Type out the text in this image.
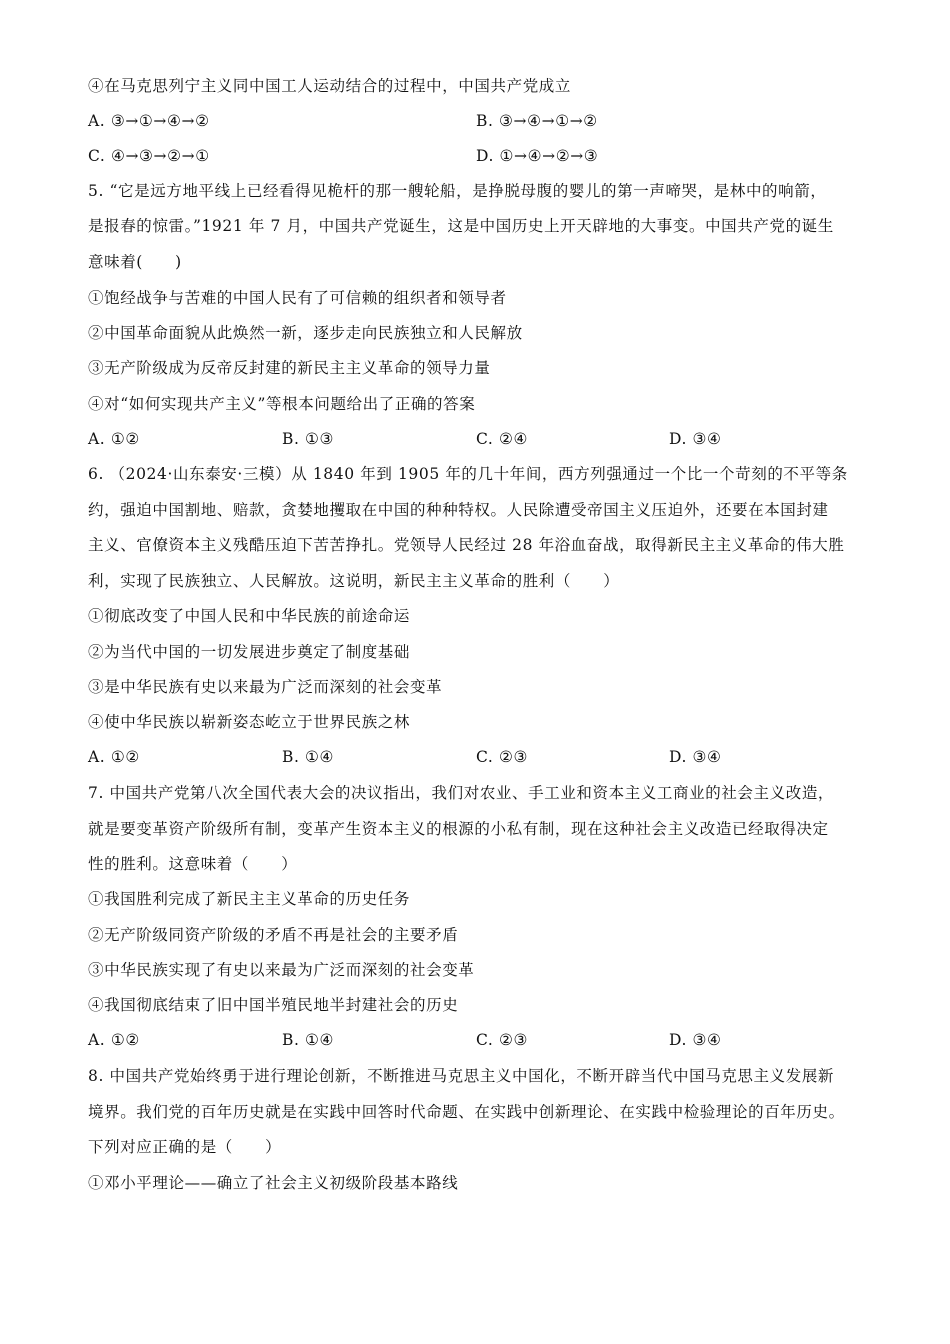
④在马克思列宁主义同中国工人运动结合的过程中，中国共产党成立
A. ③→①→④→②	B. ③→④→①→②
C. ④→③→②→①	D. ①→④→②→③
5. “它是远方地平线上已经看得见桅杆的那一艘轮船，是挣脱母腹的婴儿的第一声啼哭，是林中的响箭，
是报春的惊雷。”1921 年 7 月，中国共产党诞生，这是中国历史上开天辟地的大事变。中国共产党的诞生
意味着(　　)
①饱经战争与苦难的中国人民有了可信赖的组织者和领导者
②中国革命面貌从此焕然一新，逐步走向民族独立和人民解放
③无产阶级成为反帝反封建的新民主主义革命的领导力量
④对“如何实现共产主义”等根本问题给出了正确的答案
A. ①②	B. ①③	C. ②④	D. ③④
6. （2024·山东泰安·三模）从 1840 年到 1905 年的几十年间，西方列强通过一个比一个苛刻的不平等条
约，强迫中国割地、赔款，贪婪地攫取在中国的种种特权。人民除遭受帝国主义压迫外，还要在本国封建
主义、官僚资本主义残酷压迫下苦苦挣扎。党领导人民经过 28 年浴血奋战，取得新民主主义革命的伟大胜
利，实现了民族独立、人民解放。这说明，新民主主义革命的胜利（　　）
①彻底改变了中国人民和中华民族的前途命运
②为当代中国的一切发展进步奠定了制度基础
③是中华民族有史以来最为广泛而深刻的社会变革
④使中华民族以崭新姿态屹立于世界民族之林
A. ①②	B. ①④	C. ②③	D. ③④
7. 中国共产党第八次全国代表大会的决议指出，我们对农业、手工业和资本主义工商业的社会主义改造，
就是要变革资产阶级所有制，变革产生资本主义的根源的小私有制，现在这种社会主义改造已经取得决定
性的胜利。这意味着（　　）
①我国胜利完成了新民主主义革命的历史任务
②无产阶级同资产阶级的矛盾不再是社会的主要矛盾
③中华民族实现了有史以来最为广泛而深刻的社会变革
④我国彻底结束了旧中国半殖民地半封建社会的历史
A. ①②	B. ①④	C. ②③	D. ③④
8. 中国共产党始终勇于进行理论创新，不断推进马克思主义中国化，不断开辟当代中国马克思主义发展新
境界。我们党的百年历史就是在实践中回答时代命题、在实践中创新理论、在实践中检验理论的百年历史。
下列对应正确的是（　　）
①邓小平理论——确立了社会主义初级阶段基本路线
